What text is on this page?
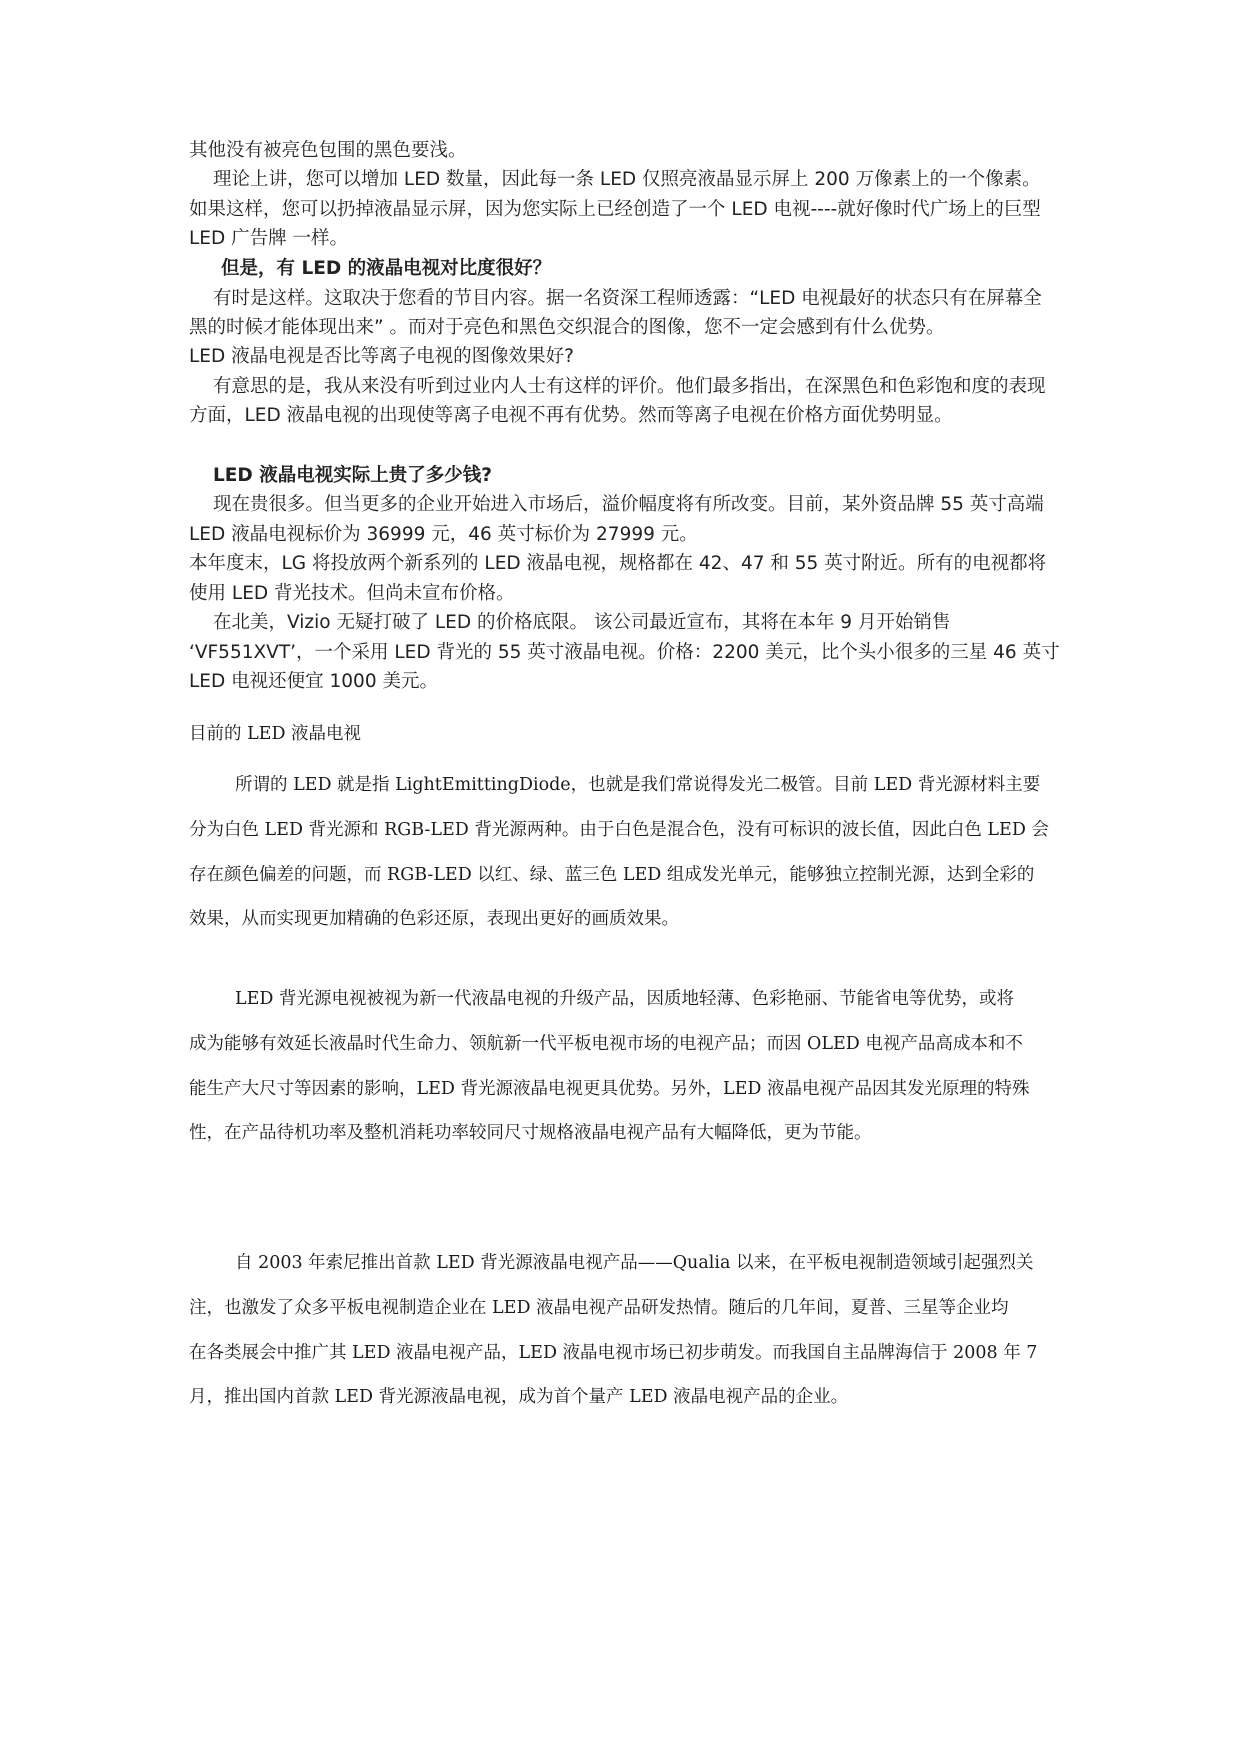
其他没有被亮色包围的黑色要浅。
理论上讲，您可以增加 LED 数量，因此每一条 LED 仅照亮液晶显示屏上 200 万像素上的一个像素。
如果这样，您可以扔掉液晶显示屏，因为您实际上已经创造了一个 LED 电视----就好像时代广场上的巨型
LED 广告牌 一样。
但是，有 LED 的液晶电视对比度很好？
有时是这样。这取决于您看的节目内容。据一名资深工程师透露：“LED 电视最好的状态只有在屏幕全
黑的时候才能体现出来” 。而对于亮色和黑色交织混合的图像，您不一定会感到有什么优势。
LED 液晶电视是否比等离子电视的图像效果好?
有意思的是，我从来没有听到过业内人士有这样的评价。他们最多指出，在深黑色和色彩饱和度的表现
方面，LED 液晶电视的出现使等离子电视不再有优势。然而等离子电视在价格方面优势明显。
LED 液晶电视实际上贵了多少钱?
现在贵很多。但当更多的企业开始进入市场后，溢价幅度将有所改变。目前，某外资品牌 55 英寸高端
LED 液晶电视标价为 36999 元，46 英寸标价为 27999 元。
本年度末，LG 将投放两个新系列的 LED 液晶电视，规格都在 42、47 和 55 英寸附近。所有的电视都将
使用 LED 背光技术。但尚未宣布价格。
在北美，Vizio 无疑打破了 LED 的价格底限。 该公司最近宣布，其将在本年 9 月开始销售
‘VF551XVT’，一个采用 LED 背光的 55 英寸液晶电视。价格：2200 美元，比个头小很多的三星 46 英寸
LED 电视还便宜 1000 美元。
目前的 LED 液晶电视
所谓的 LED 就是指 LightEmittingDiode，也就是我们常说得发光二极管。目前 LED 背光源材料主要
分为白色 LED 背光源和 RGB-LED 背光源两种。由于白色是混合色，没有可标识的波长值，因此白色 LED 会
存在颜色偏差的问题，而 RGB-LED 以红、绿、蓝三色 LED 组成发光单元，能够独立控制光源，达到全彩的
效果，从而实现更加精确的色彩还原，表现出更好的画质效果。
LED 背光源电视被视为新一代液晶电视的升级产品，因质地轻薄、色彩艳丽、节能省电等优势，或将
成为能够有效延长液晶时代生命力、领航新一代平板电视市场的电视产品；而因 OLED 电视产品高成本和不
能生产大尺寸等因素的影响，LED 背光源液晶电视更具优势。另外，LED 液晶电视产品因其发光原理的特殊
性，在产品待机功率及整机消耗功率较同尺寸规格液晶电视产品有大幅降低，更为节能。
自 2003 年索尼推出首款 LED 背光源液晶电视产品——Qualia 以来，在平板电视制造领域引起强烈关
注，也激发了众多平板电视制造企业在 LED 液晶电视产品研发热情。随后的几年间，夏普、三星等企业均
在各类展会中推广其 LED 液晶电视产品，LED 液晶电视市场已初步萌发。而我国自主品牌海信于 2008 年 7
月，推出国内首款 LED 背光源液晶电视，成为首个量产 LED 液晶电视产品的企业。
